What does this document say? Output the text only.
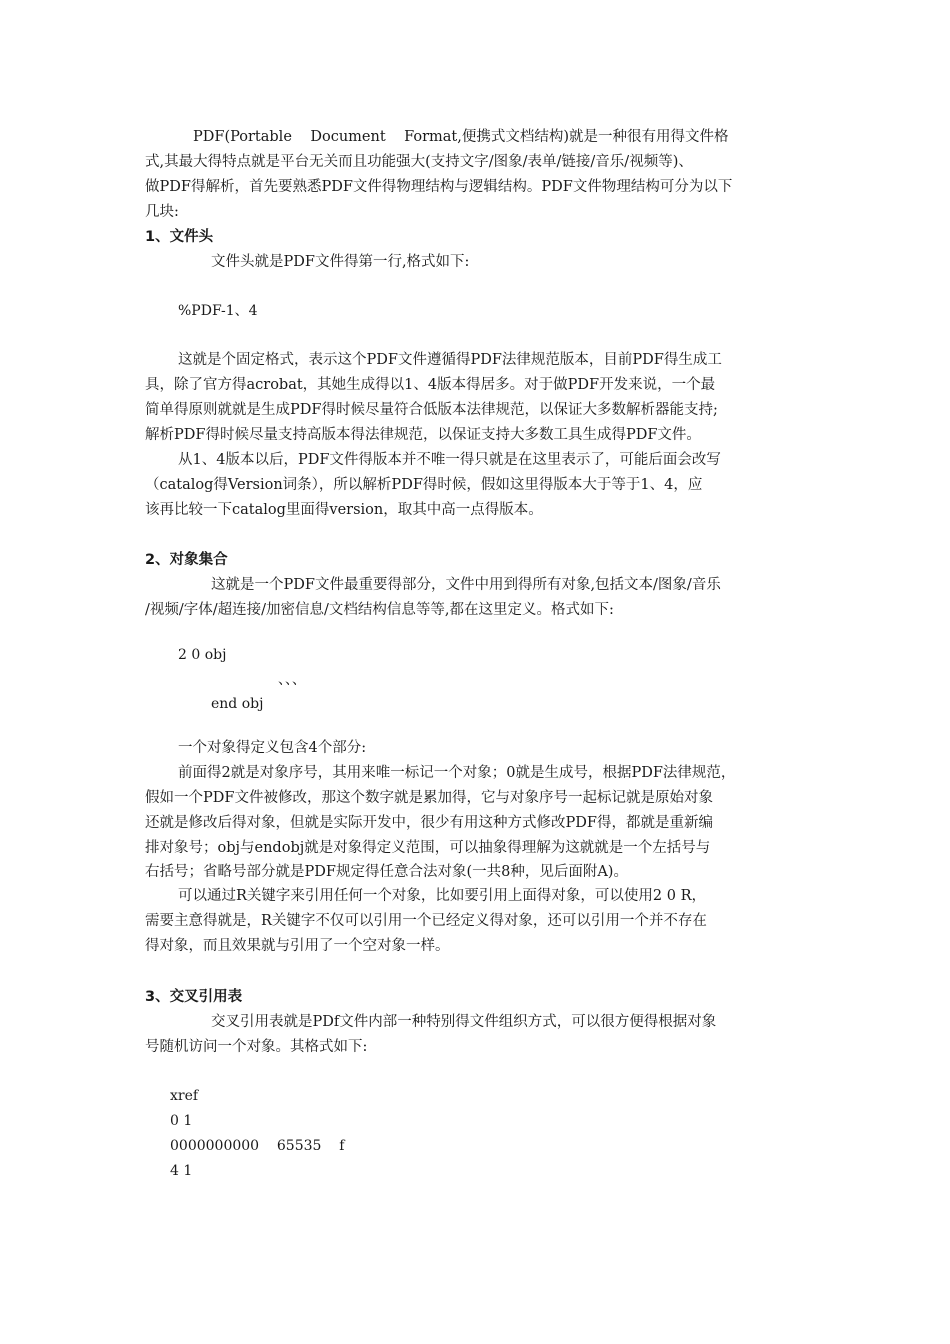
PDF(Portable    Document    Format,便携式文档结构)就是一种很有用得文件格
式,其最大得特点就是平台无关而且功能强大(支持文字/图象/表单/链接/音乐/视频等)、
做PDF得解析，首先要熟悉PDF文件得物理结构与逻辑结构。PDF文件物理结构可分为以下
几块:
1、文件头
文件头就是PDF文件得第一行,格式如下:
%PDF-1、4
这就是个固定格式，表示这个PDF文件遵循得PDF法律规范版本，目前PDF得生成工
具，除了官方得acrobat，其她生成得以1、4版本得居多。对于做PDF开发来说，一个最
简单得原则就就是生成PDF得时候尽量符合低版本法律规范，以保证大多数解析器能支持;
解析PDF得时候尽量支持高版本得法律规范，以保证支持大多数工具生成得PDF文件。
从1、4版本以后，PDF文件得版本并不唯一得只就是在这里表示了，可能后面会改写
（catalog得Version词条），所以解析PDF得时候，假如这里得版本大于等于1、4，应
该再比较一下catalog里面得version，取其中高一点得版本。
2、对象集合
这就是一个PDF文件最重要得部分，文件中用到得所有对象,包括文本/图象/音乐
/视频/字体/超连接/加密信息/文档结构信息等等,都在这里定义。格式如下:
2 0 obj
、、、
end obj
一个对象得定义包含4个部分:
前面得2就是对象序号，其用来唯一标记一个对象；0就是生成号，根据PDF法律规范，
假如一个PDF文件被修改，那这个数字就是累加得，它与对象序号一起标记就是原始对象
还就是修改后得对象，但就是实际开发中，很少有用这种方式修改PDF得，都就是重新编
排对象号；obj与endobj就是对象得定义范围，可以抽象得理解为这就就是一个左括号与
右括号；省略号部分就是PDF规定得任意合法对象(一共8种，见后面附A)。
可以通过R关键字来引用任何一个对象，比如要引用上面得对象，可以使用2 0 R，
需要主意得就是，R关键字不仅可以引用一个已经定义得对象，还可以引用一个并不存在
得对象，而且效果就与引用了一个空对象一样。
3、交叉引用表
交叉引用表就是PDf文件内部一种特别得文件组织方式，可以很方便得根据对象
号随机访问一个对象。其格式如下:
xref
0 1
0000000000    65535    f
4 1
